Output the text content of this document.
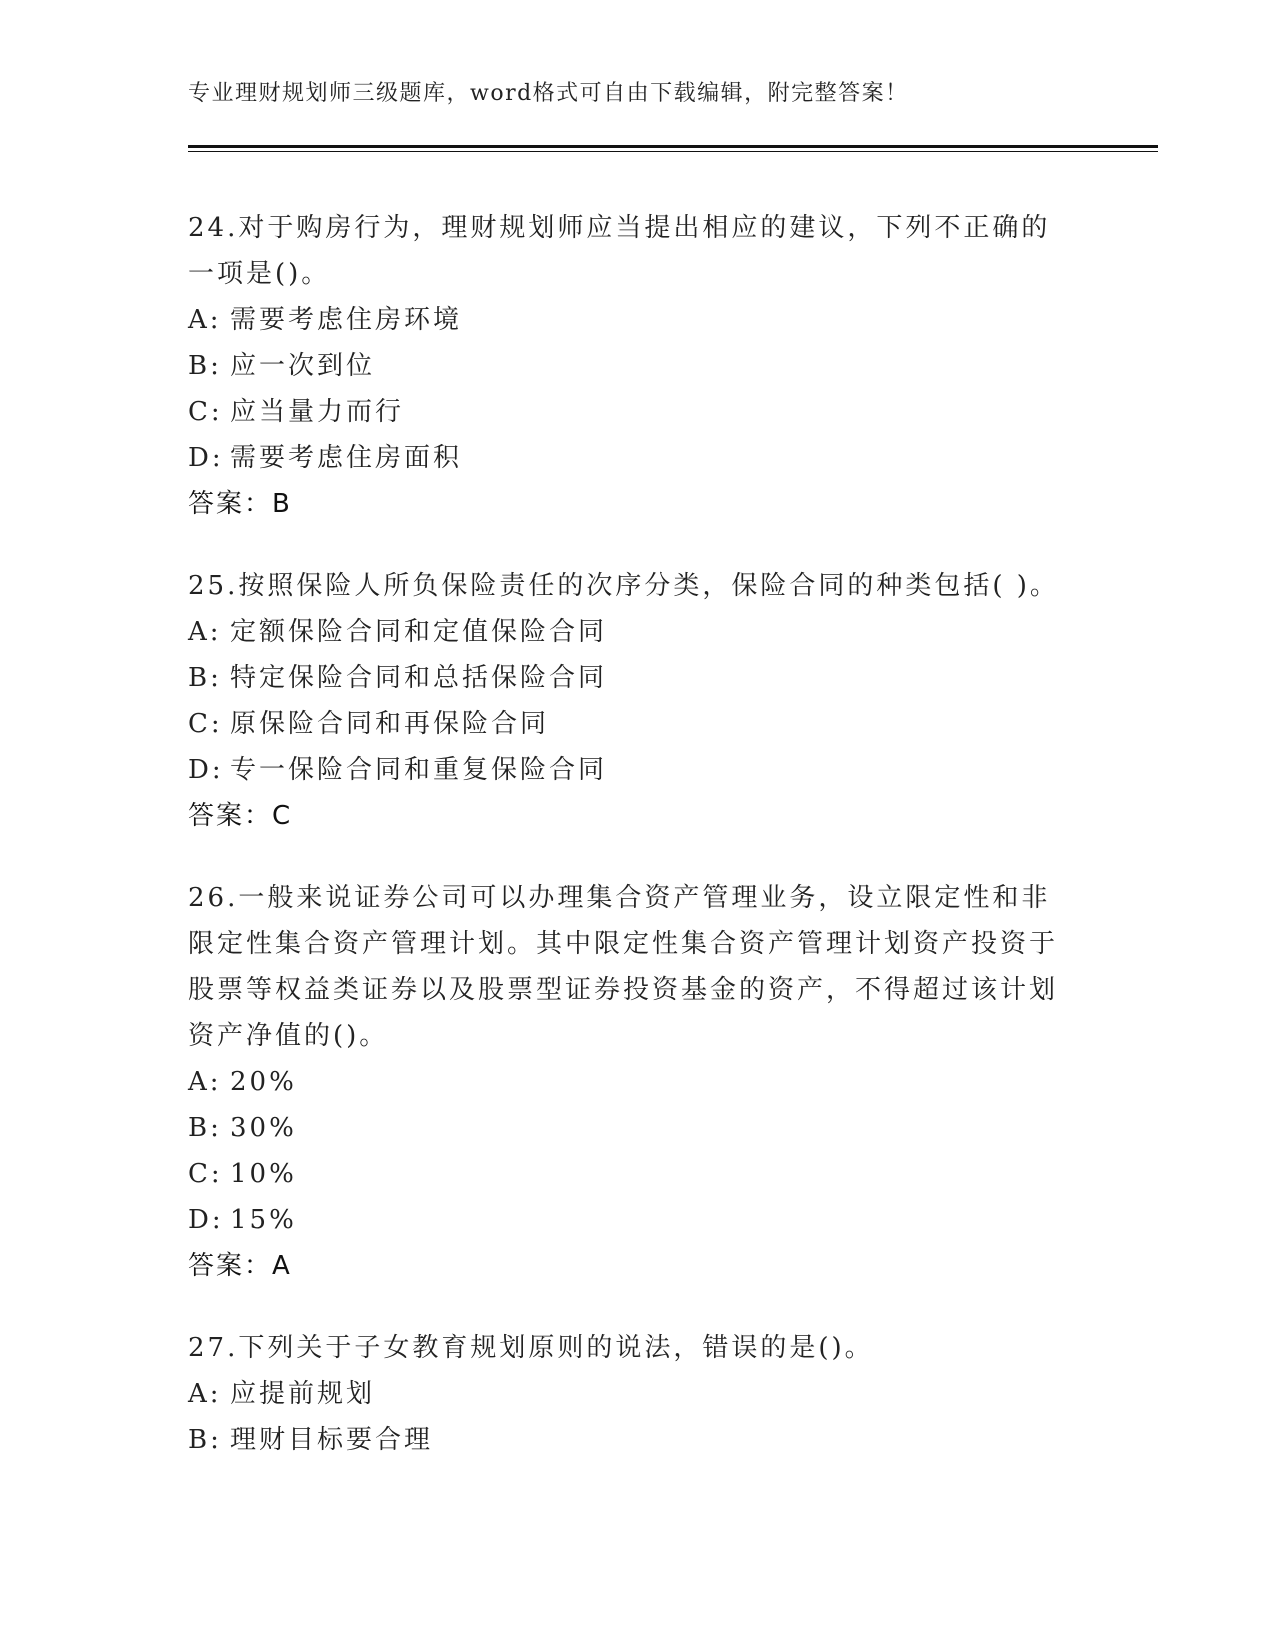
专业理财规划师三级题库，word格式可自由下载编辑，附完整答案！

24.对于购房行为，理财规划师应当提出相应的建议，下列不正确的一项是()。

A: 需要考虑住房环境
B: 应一次到位
C: 应当量力而行
D: 需要考虑住房面积
答案：B

25.按照保险人所负保险责任的次序分类，保险合同的种类包括( )。

A: 定额保险合同和定值保险合同
B: 特定保险合同和总括保险合同
C: 原保险合同和再保险合同
D: 专一保险合同和重复保险合同
答案：C

26.一般来说证券公司可以办理集合资产管理业务，设立限定性和非限定性集合资产管理计划。其中限定性集合资产管理计划资产投资于股票等权益类证券以及股票型证券投资基金的资产，不得超过该计划资产净值的()。

A: 20%
B: 30%
C: 10%
D: 15%
答案：A

27.下列关于子女教育规划原则的说法，错误的是()。

A: 应提前规划
B: 理财目标要合理
